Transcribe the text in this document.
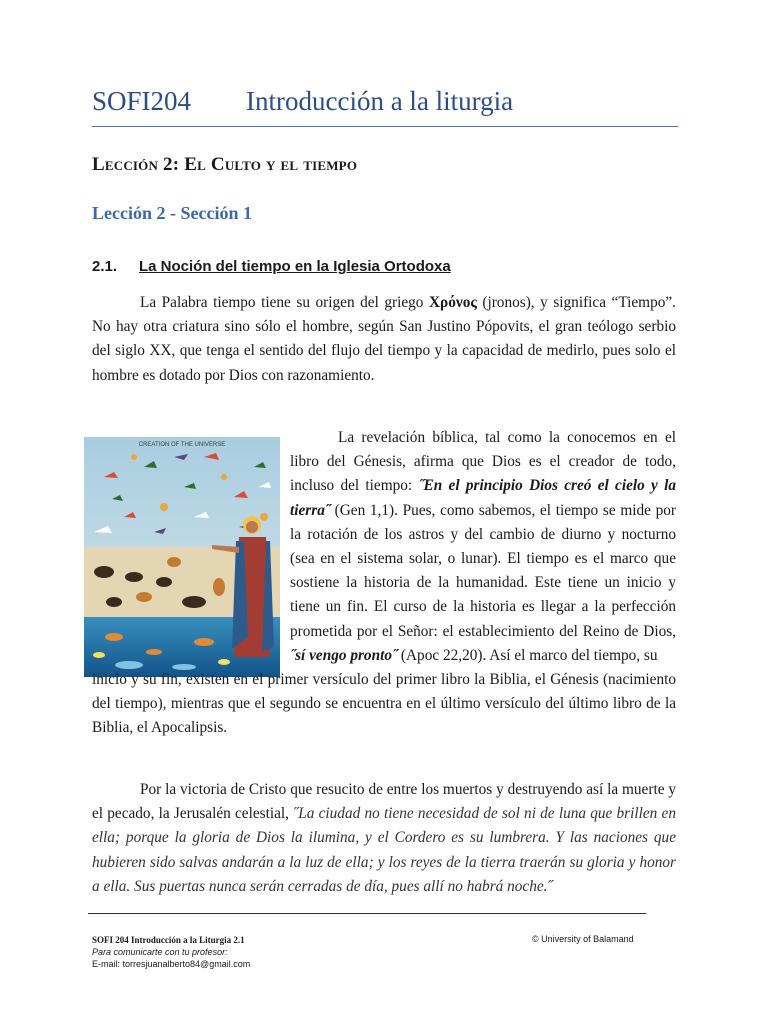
SOFI204 Introducción a la liturgia
Lección 2: El Culto y el tiempo
Lección 2 - Sección 1
2.1. La Noción del tiempo en la Iglesia Ortodoxa
La Palabra tiempo tiene su origen del griego Χρόνος (jronos), y significa “Tiempo”. No hay otra criatura sino sólo el hombre, según San Justino Pópovits, el gran teólogo serbio del siglo XX, que tenga el sentido del flujo del tiempo y la capacidad de medirlo, pues solo el hombre es dotado por Dios con razonamiento.
CREATION OF THE UNIVERSE	La revelación bíblica, tal como la conocemos en el libro del Génesis, afirma que Dios es el creador de todo, incluso del tiempo: ˝En el principio Dios creó el cielo y la tierra˝ (Gen 1,1). Pues, como sabemos, el tiempo se mide por la rotación de los astros y del cambio de diurno y nocturno (sea en el sistema solar, o lunar). El tiempo es el marco que sostiene la historia de la humanidad. Este tiene un inicio y tiene un fin. El curso de la historia es llegar a la perfección prometida por el Señor: el establecimiento del Reino de Dios, ˝sí vengo pronto˝ (Apoc 22,20). Así el marco del tiempo, su
inicio y su fin, existen en el primer versículo del primer libro la Biblia, el Génesis (nacimiento del tiempo), mientras que el segundo se encuentra en el último versículo del último libro de la Biblia, el Apocalipsis.
Por la victoria de Cristo que resucito de entre los muertos y destruyendo así la muerte y el pecado, la Jerusalén celestial, ˝La ciudad no tiene necesidad de sol ni de luna que brillen en ella; porque la gloria de Dios la ilumina, y el Cordero es su lumbrera. Y las naciones que hubieren sido salvas andarán a la luz de ella; y los reyes de la tierra traerán su gloria y honor a ella. Sus puertas nunca serán cerradas de día, pues allí no habrá noche.˝
SOFI 204 Introducción a la Liturgia 2.1
Para comunicarte con tu profesor:
E-mail: torresjuanalberto84@gmail.com
© University of Balamand
